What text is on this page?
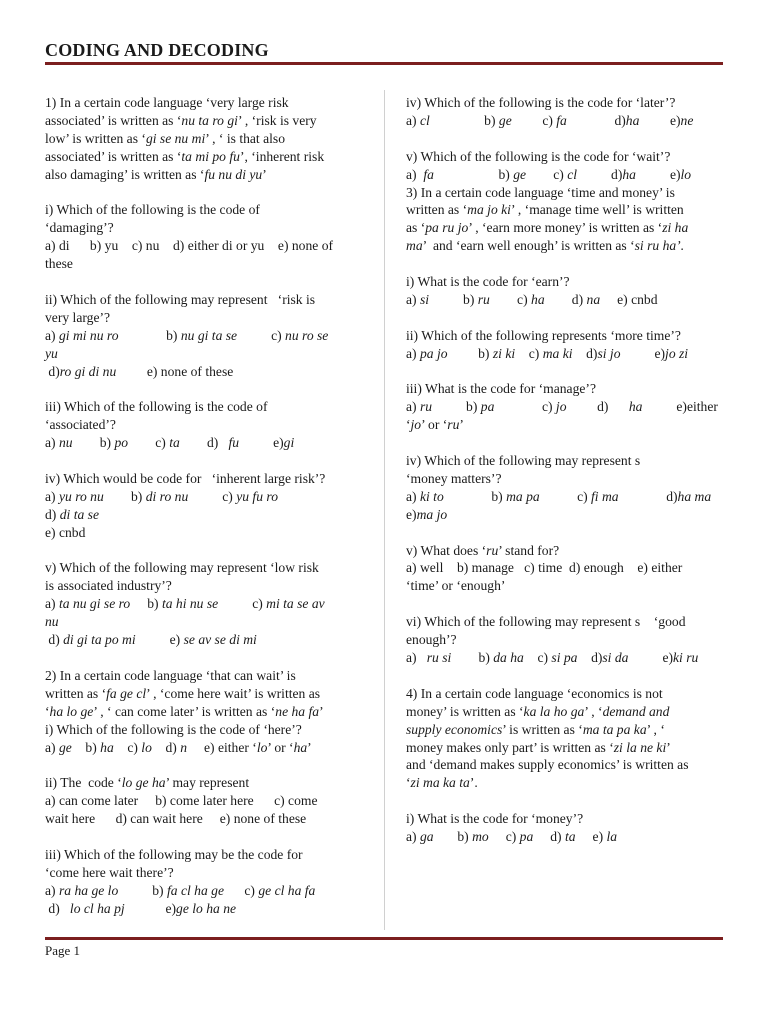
CODING AND DECODING
1) In a certain code language ‘very large risk
associated’ is written as ‘nu ta ro gi’ , ‘risk is very
low’ is written as ‘gi se nu mi’ , ‘ is that also
associated’ is written as ‘ta mi po fu’, ‘inherent risk
also damaging’ is written as ‘fu nu di yu’
i) Which of the following is the code of
‘damaging’?
a) di      b) yu    c) nu    d) either di or yu    e) none of
these
ii) Which of the following may represent   ‘risk is
very large’?
a) gi mi nu ro              b) nu gi ta se          c) nu ro se
yu
d)ro gi di nu         e) none of these
iii) Which of the following is the code of
‘associated’?
a) nu        b) po        c) ta        d)   fu          e)gi
iv) Which would be code for   ‘inherent large risk’?
a) yu ro nu        b) di ro nu          c) yu fu ro
d) di ta se
e) cnbd
v) Which of the following may represent ‘low risk
is associated industry’?
a) ta nu gi se ro     b) ta hi nu se          c) mi ta se av
nu
d) di gi ta po mi          e) se av se di mi
2) In a certain code language ‘that can wait’ is
written as ‘fa ge cl’ , ‘come here wait’ is written as
‘ha lo ge’ , ‘ can come later’ is written as ‘ne ha fa’
i) Which of the following is the code of ‘here’?
a) ge    b) ha    c) lo    d) n     e) either ‘lo’ or ‘ha’
ii) The  code ‘lo ge ha’ may represent
a) can come later     b) come later here      c) come
wait here      d) can wait here     e) none of these
iii) Which of the following may be the code for
‘come here wait there’?
a) ra ha ge lo          b) fa cl ha ge      c) ge cl ha fa
d)   lo cl ha pj            e)ge lo ha ne
iv) Which of the following is the code for ‘later’?
a) cl                b) ge         c) fa              d)ha         e)ne
v) Which of the following is the code for ‘wait’?
a)  fa                   b) ge        c) cl          d)ha          e)lo
3) In a certain code language ‘time and money’ is
written as ‘ma jo ki’ , ‘manage time well’ is written
as ‘pa ru jo’ , ‘earn more money’ is written as ‘zi ha
ma’  and ‘earn well enough’ is written as ‘si ru ha’.
i) What is the code for ‘earn’?
a) si          b) ru        c) ha        d) na     e) cnbd
ii) Which of the following represents ‘more time’?
a) pa jo         b) zi ki    c) ma ki    d)si jo          e)jo zi
iii) What is the code for ‘manage’?
a) ru          b) pa              c) jo         d)      ha          e)either
‘jo’ or ‘ru’
iv) Which of the following may represent s
‘money matters’?
a) ki to              b) ma pa           c) fi ma              d)ha ma
e)ma jo
v) What does ‘ru’ stand for?
a) well    b) manage   c) time  d) enough    e) either
‘time’ or ‘enough’
vi) Which of the following may represent s    ‘good
enough’?
a)   ru si        b) da ha    c) si pa    d)si da          e)ki ru
4) In a certain code language ‘economics is not
money’ is written as ‘ka la ho ga’ , ‘demand and
supply economics’ is written as ‘ma ta pa ka’ , ‘
money makes only part’ is written as ‘zi la ne ki’
and ‘demand makes supply economics’ is written as
‘zi ma ka ta’.
i) What is the code for ‘money’?
a) ga       b) mo     c) pa     d) ta     e) la
Page 1
